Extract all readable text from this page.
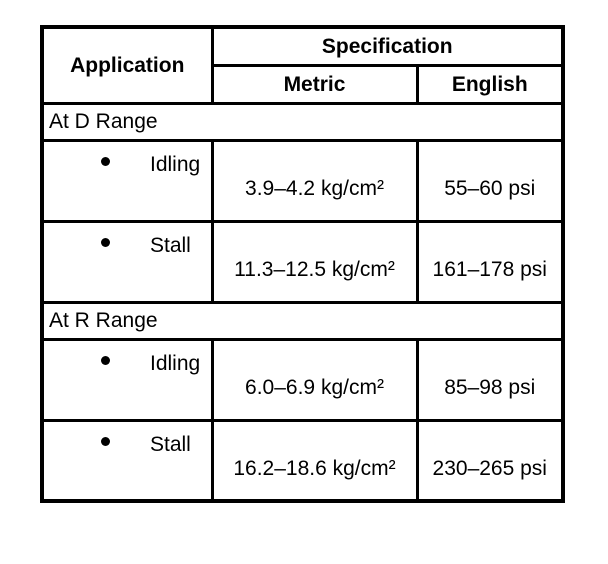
Application	Specification	
	Metric	English
At D Range		

Idling	3.9–4.2 kg/cm²	55–60 psi

Stall	11.3–12.5 kg/cm²	161–178 psi
At R Range		

Idling	6.0–6.9 kg/cm²	85–98 psi

Stall	16.2–18.6 kg/cm²	230–265 psi
